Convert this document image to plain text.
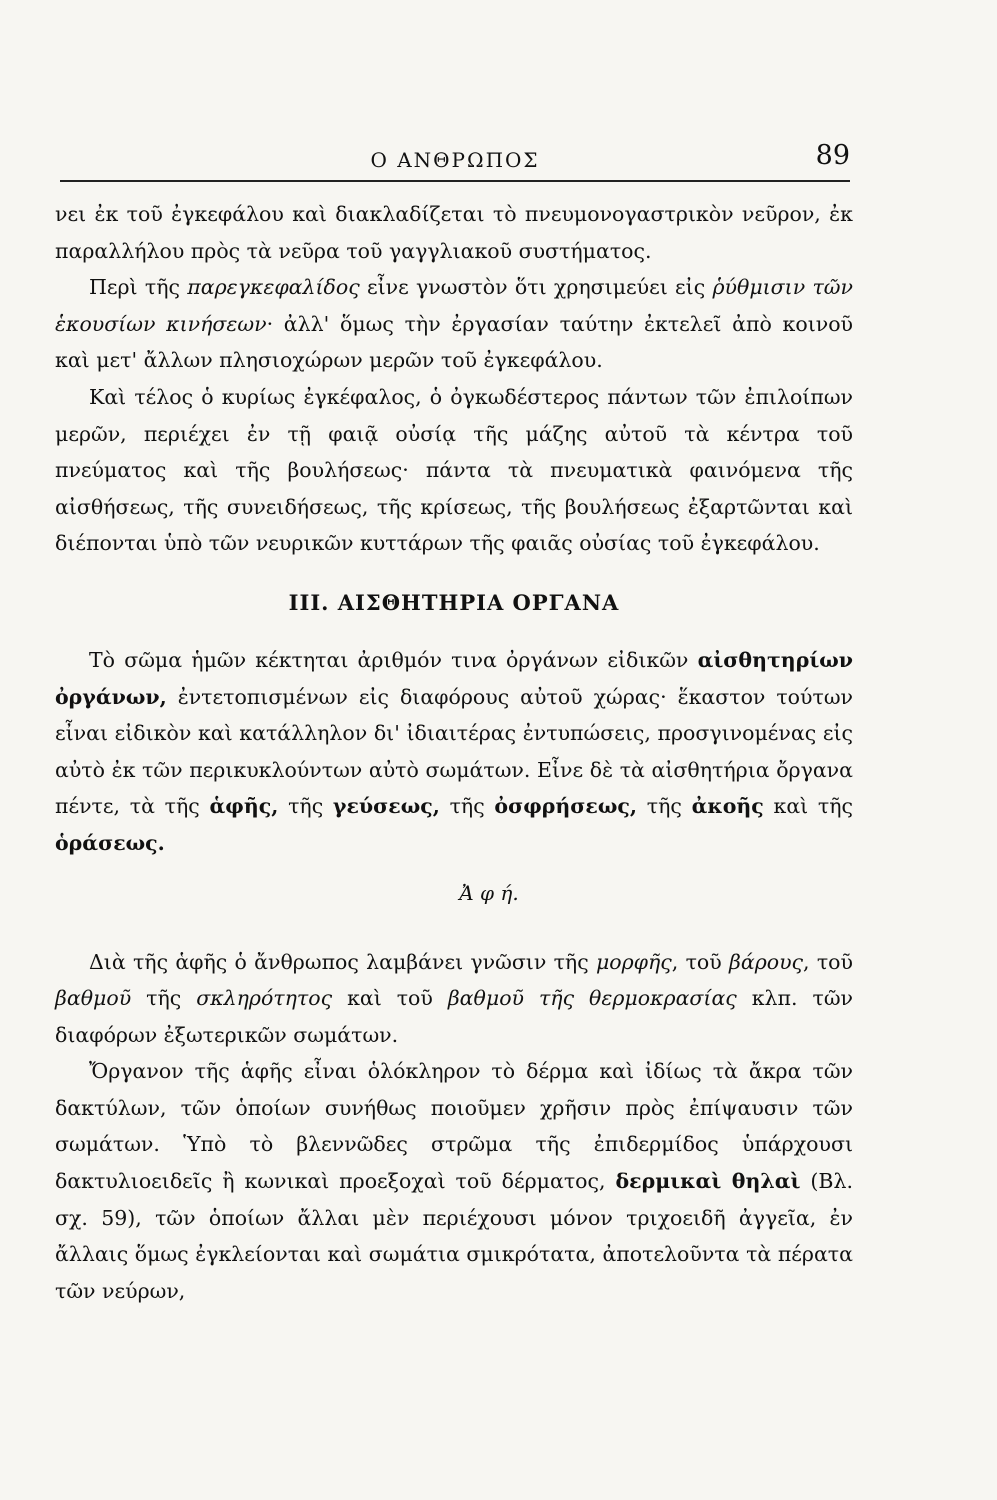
Ο ΑΝΘΡΩΠΟΣ	89

νει ἐκ τοῦ ἐγκεφάλου καὶ διακλαδίζεται τὸ πνευμονογαστρικὸν νεῦρον, ἐκ παραλλήλου πρὸς τὰ νεῦρα τοῦ γαγγλιακοῦ συστήματος.

Περὶ τῆς παρεγκεφαλίδος εἶνε γνωστὸν ὅτι χρησιμεύει εἰς ῥύθμισιν τῶν ἑκουσίων κινήσεων· ἀλλ' ὅμως τὴν ἐργασίαν ταύτην ἐκτελεῖ ἀπὸ κοινοῦ καὶ μετ' ἄλλων πλησιοχώρων μερῶν τοῦ ἐγκεφάλου.

Καὶ τέλος ὁ κυρίως ἐγκέφαλος, ὁ ὀγκωδέστερος πάντων τῶν ἐπιλοίπων μερῶν, περιέχει ἐν τῇ φαιᾷ οὐσίᾳ τῆς μάζης αὐτοῦ τὰ κέντρα τοῦ πνεύματος καὶ τῆς βουλήσεως· πάντα τὰ πνευματικὰ φαινόμενα τῆς αἰσθήσεως, τῆς συνειδήσεως, τῆς κρίσεως, τῆς βουλήσεως ἐξαρτῶνται καὶ διέπονται ὑπὸ τῶν νευρικῶν κυττάρων τῆς φαιᾶς οὐσίας τοῦ ἐγκεφάλου.

ΙΙΙ. ΑΙΣΘΗΤΗΡΙΑ ΟΡΓΑΝΑ

Τὸ σῶμα ἡμῶν κέκτηται ἀριθμόν τινα ὀργάνων εἰδικῶν αἰσθητηρίων ὀργάνων, ἐντετοπισμένων εἰς διαφόρους αὐτοῦ χώρας· ἕκαστον τούτων εἶναι εἰδικὸν καὶ κατάλληλον δι' ἰδιαιτέρας ἐντυπώσεις, προσγινομένας εἰς αὐτὸ ἐκ τῶν περικυκλούντων αὐτὸ σωμάτων. Εἶνε δὲ τὰ αἰσθητήρια ὄργανα πέντε, τὰ τῆς ἁφῆς, τῆς γεύσεως, τῆς ὀσφρήσεως, τῆς ἀκοῆς καὶ τῆς ὁράσεως.

Ἀ φ ή.

Διὰ τῆς ἁφῆς ὁ ἄνθρωπος λαμβάνει γνῶσιν τῆς μορφῆς, τοῦ βάρους, τοῦ βαθμοῦ τῆς σκληρότητος καὶ τοῦ βαθμοῦ τῆς θερμοκρασίας κλπ. τῶν διαφόρων ἐξωτερικῶν σωμάτων.

Ὄργανον τῆς ἁφῆς εἶναι ὁλόκληρον τὸ δέρμα καὶ ἰδίως τὰ ἄκρα τῶν δακτύλων, τῶν ὁποίων συνήθως ποιοῦμεν χρῆσιν πρὸς ἐπίψαυσιν τῶν σωμάτων. Ὑπὸ τὸ βλεννῶδες στρῶμα τῆς ἐπιδερμίδος ὑπάρχουσι δακτυλιοειδεῖς ἢ κωνικαὶ προεξοχαὶ τοῦ δέρματος, δερμικαὶ θηλαὶ (Βλ. σχ. 59), τῶν ὁποίων ἄλλαι μὲν περιέχουσι μόνον τριχοειδῆ ἀγγεῖα, ἐν ἄλλαις ὅμως ἐγκλείονται καὶ σωμάτια σμικρότατα, ἀποτελοῦντα τὰ πέρατα τῶν νεύρων,
